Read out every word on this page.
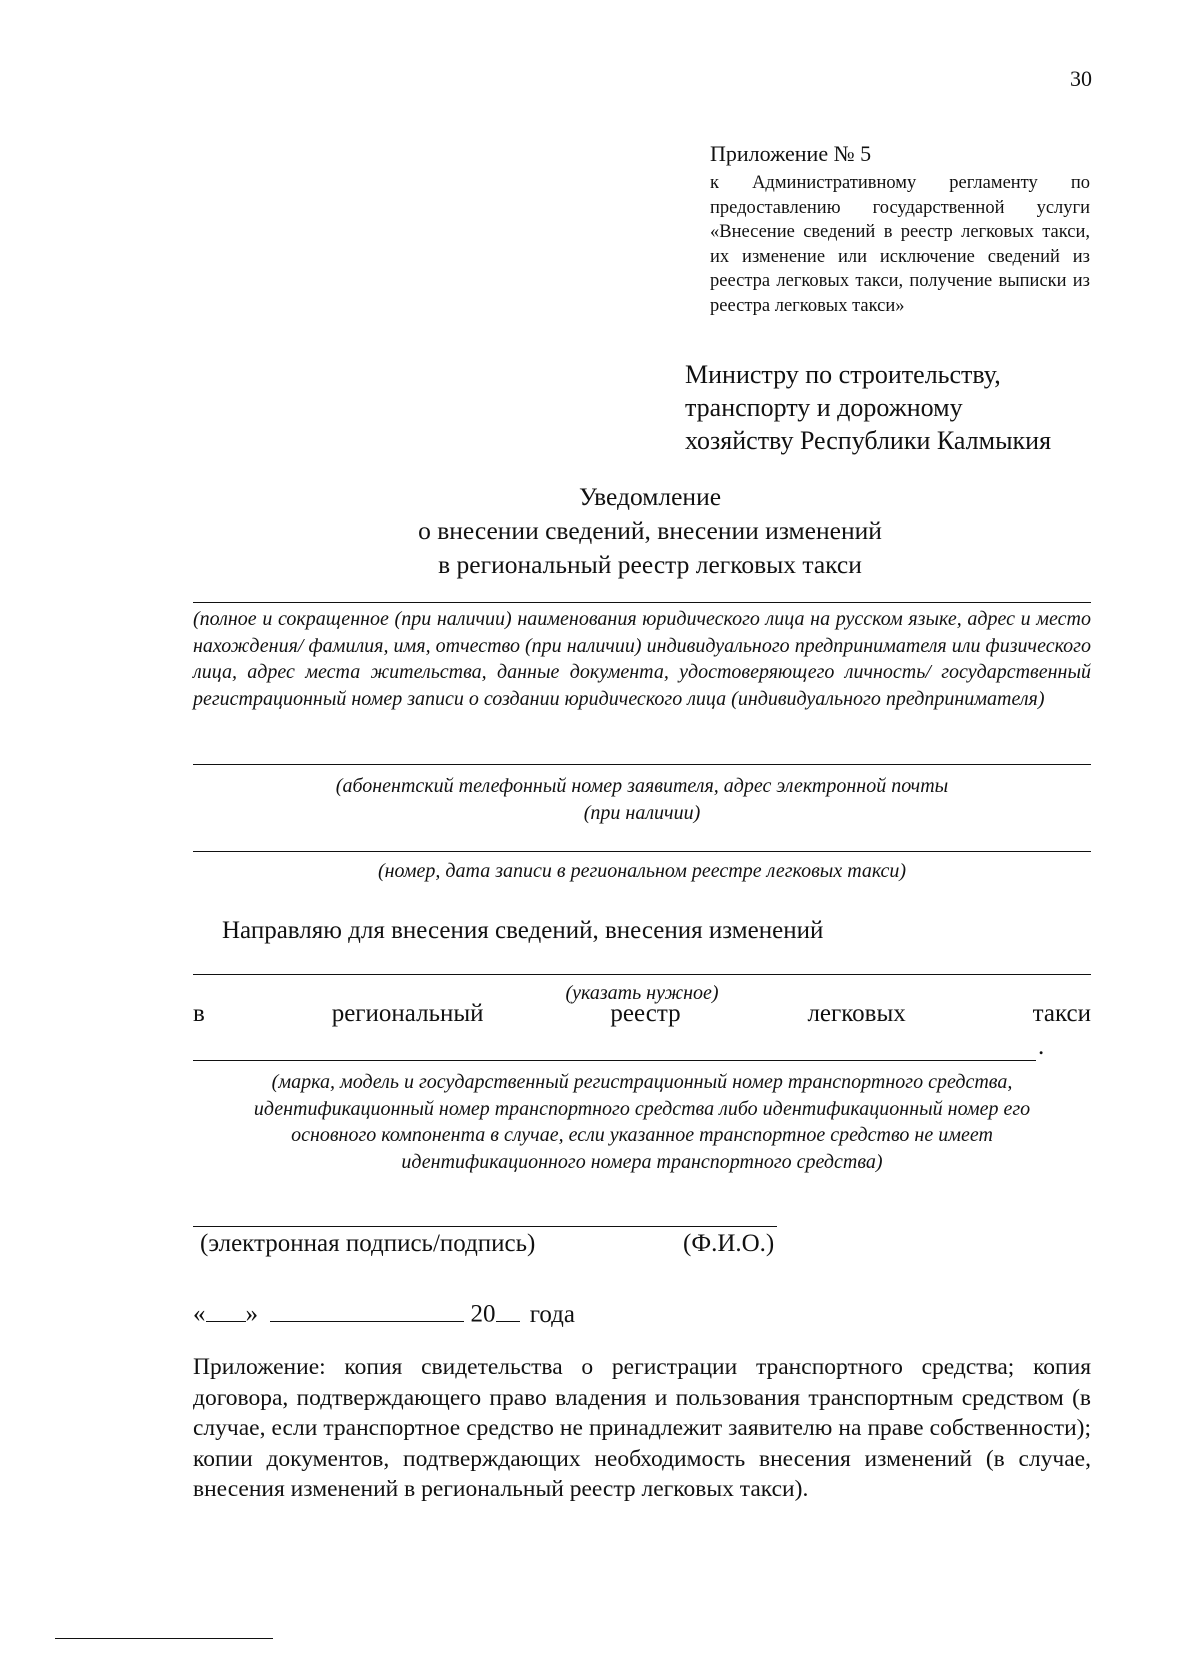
30
Приложение № 5
к Административному регламенту по предоставлению государственной услуги «Внесение сведений в реестр легковых такси, их изменение или исключение сведений из реестра легковых такси, получение выписки из реестра легковых такси»
Министру по строительству,
транспорту и дорожному
хозяйству Республики Калмыкия
Уведомление
о внесении сведений, внесении изменений
в региональный реестр легковых такси
(полное и сокращенное (при наличии) наименования юридического лица на русском языке, адрес и место нахождения/ фамилия, имя, отчество (при наличии) индивидуального предпринимателя или физического лица, адрес места жительства, данные документа, удостоверяющего личность/ государственный регистрационный номер записи о создании юридического лица (индивидуального предпринимателя)
(абонентский телефонный номер заявителя, адрес электронной почты
(при наличии)
(номер, дата записи в региональном реестре легковых такси)
Направляю для внесения сведений, внесения изменений
(указать нужное)
в	региональный	реестр	легковых	такси
.
(марка, модель и государственный регистрационный номер транспортного средства,
идентификационный номер транспортного средства либо идентификационный номер его
основного компонента в случае, если указанное транспортное средство не имеет
идентификационного номера транспортного средства)
(электронная подпись/подпись)	(Ф.И.О.)
« »	20 года
Приложение: копия свидетельства о регистрации транспортного средства; копия договора, подтверждающего право владения и пользования транспортным средством (в случае, если транспортное средство не принадлежит заявителю на праве собственности); копии документов, подтверждающих необходимость внесения изменений (в случае, внесения изменений в региональный реестр легковых такси).
